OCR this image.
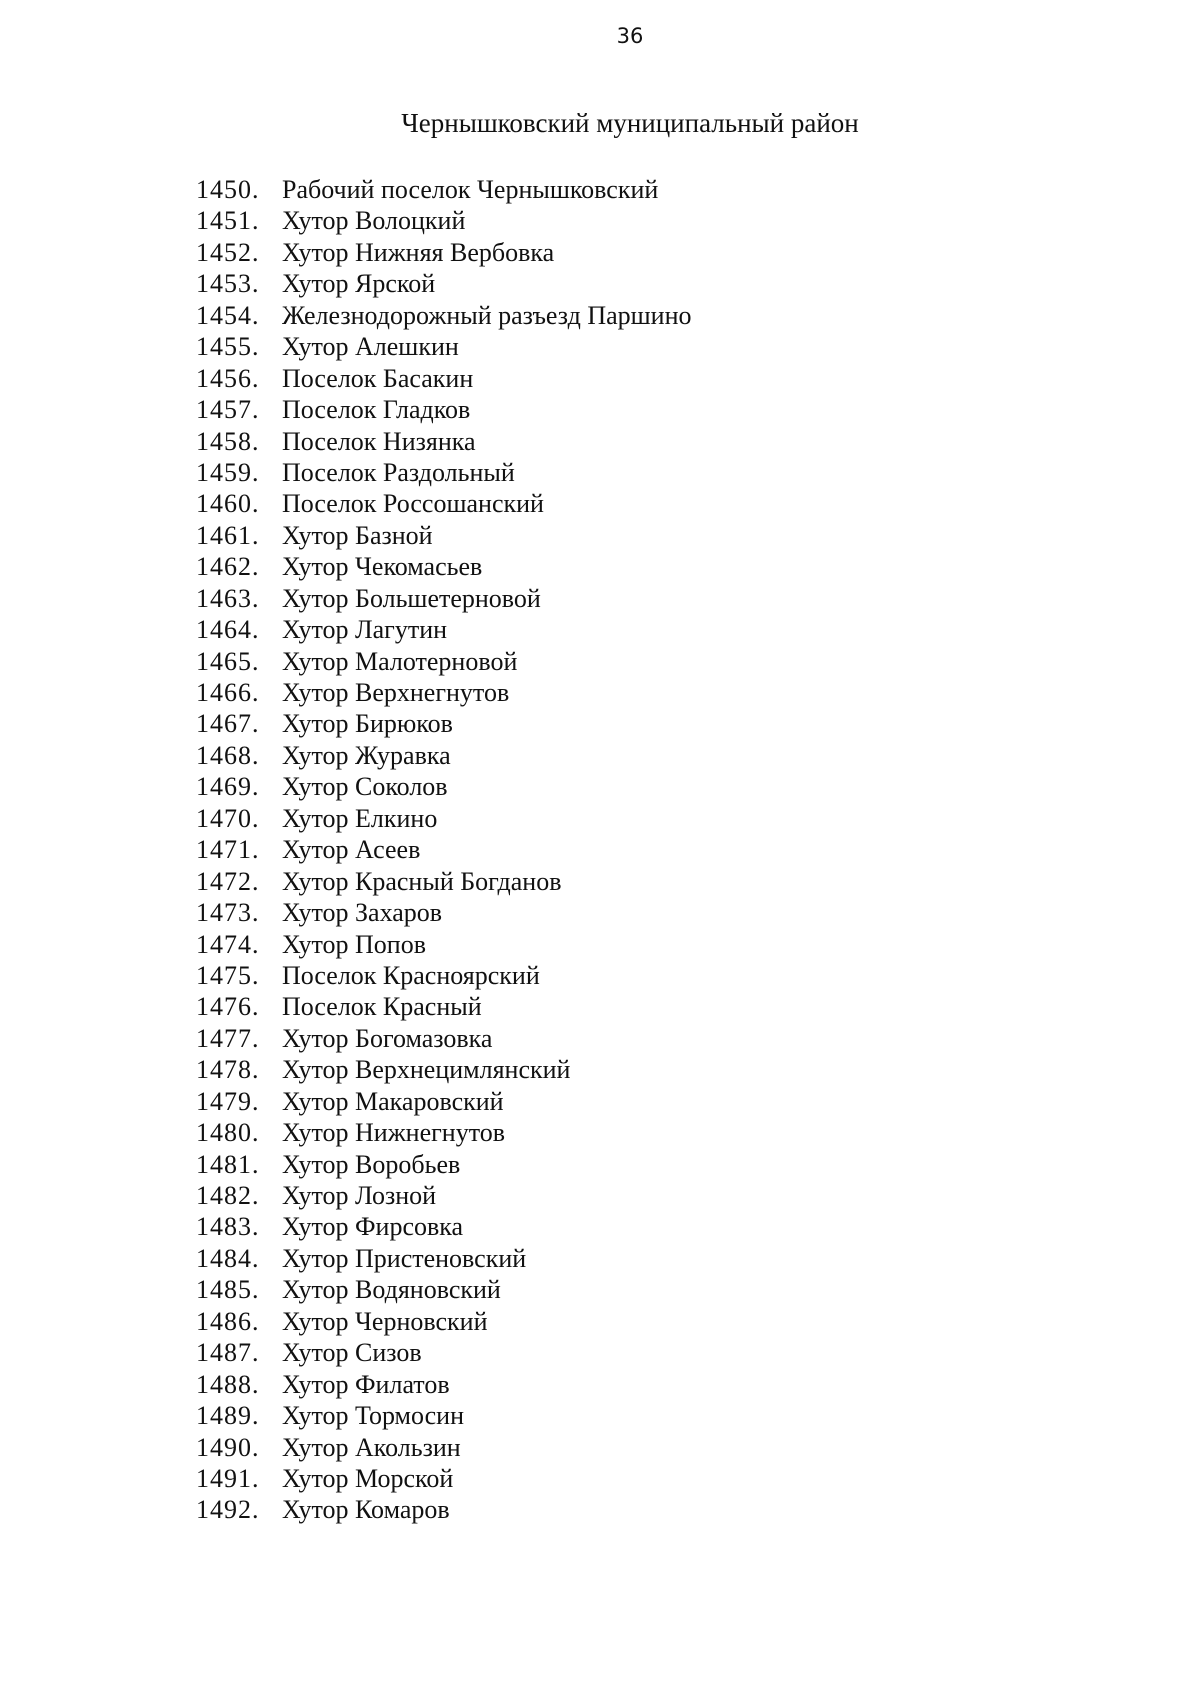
36
Чернышковский муниципальный район
1450. Рабочий поселок Чернышковский
1451. Хутор Волоцкий
1452. Хутор Нижняя Вербовка
1453. Хутор Ярской
1454. Железнодорожный разъезд Паршино
1455. Хутор Алешкин
1456. Поселок Басакин
1457. Поселок Гладков
1458. Поселок Низянка
1459. Поселок Раздольный
1460. Поселок Россошанский
1461. Хутор Базной
1462. Хутор Чекомасьев
1463. Хутор Большетерновой
1464. Хутор Лагутин
1465. Хутор Малотерновой
1466. Хутор Верхнегнутов
1467. Хутор Бирюков
1468. Хутор Журавка
1469. Хутор Соколов
1470. Хутор Елкино
1471. Хутор Асеев
1472. Хутор Красный Богданов
1473. Хутор Захаров
1474. Хутор Попов
1475. Поселок Красноярский
1476. Поселок Красный
1477. Хутор Богомазовка
1478. Хутор Верхнецимлянский
1479. Хутор Макаровский
1480. Хутор Нижнегнутов
1481. Хутор Воробьев
1482. Хутор Лозной
1483. Хутор Фирсовка
1484. Хутор Пристеновский
1485. Хутор Водяновский
1486. Хутор Черновский
1487. Хутор Сизов
1488. Хутор Филатов
1489. Хутор Тормосин
1490. Хутор Акользин
1491. Хутор Морской
1492. Хутор Комаров
